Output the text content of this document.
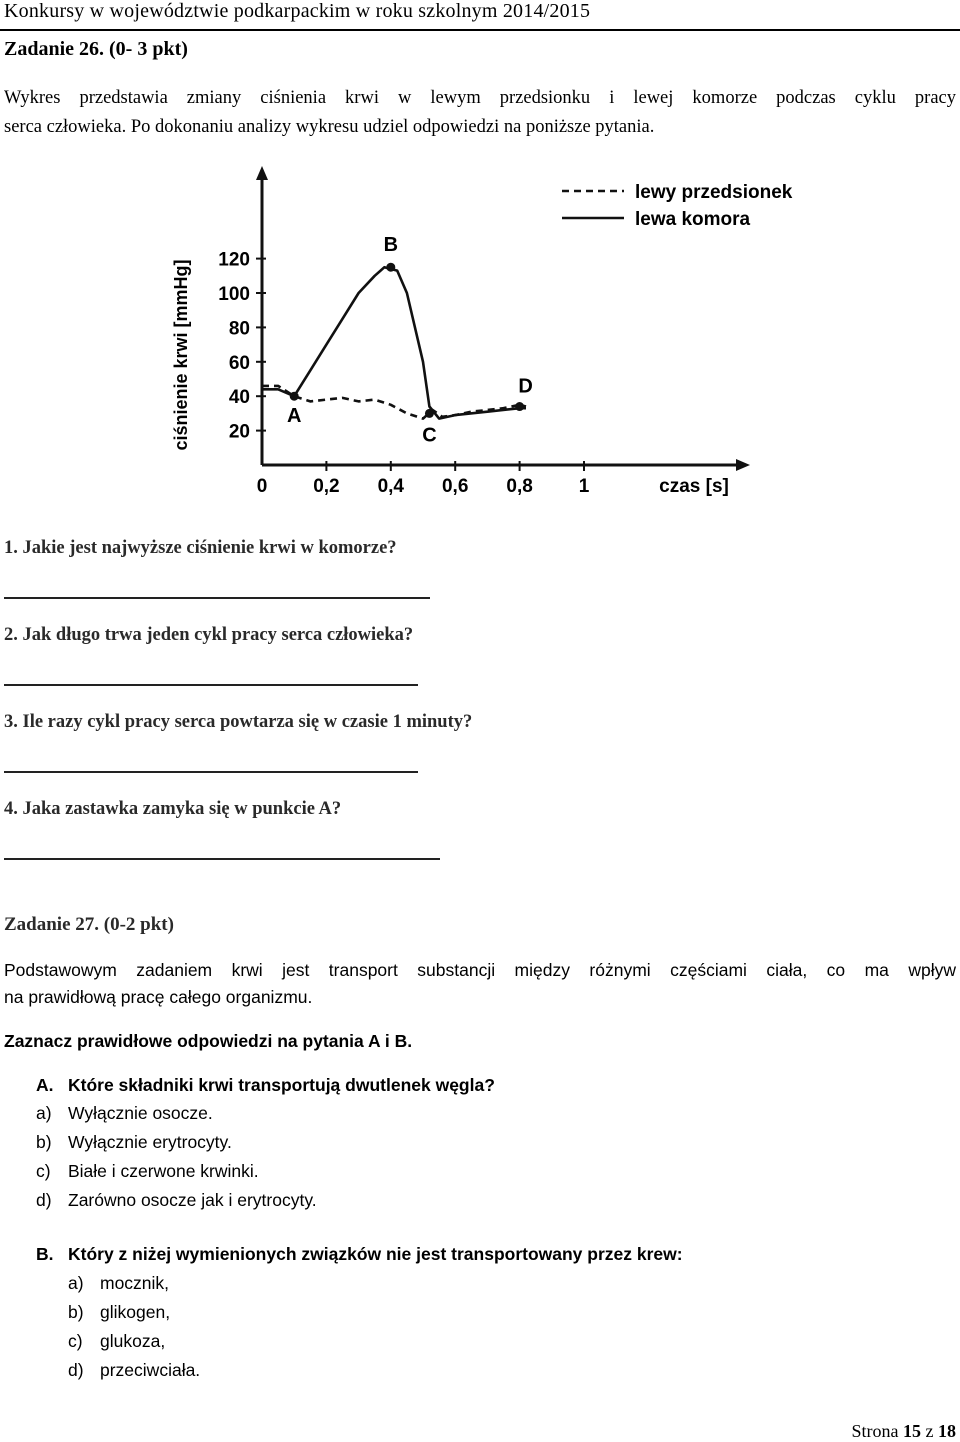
Konkursy w województwie podkarpackim w roku szkolnym 2014/2015
Zadanie 26. (0- 3 pkt)
Wykres przedstawia zmiany ciśnienia krwi w lewym przedsionku i lewej komorze podczas cyklu pracy
serca człowieka. Po dokonaniu analizy wykresu udziel odpowiedzi na poniższe pytania.
20
40
60
80
100
120
0 0,2 0,4 0,6 0,8 1
A
B
C
D
lewy przedsionek
lewa komora
ciśnienie krwi [mmHg]
czas [s]
1. Jakie jest najwyższe ciśnienie krwi w komorze?
2. Jak długo trwa jeden cykl pracy serca człowieka?
3. Ile razy cykl pracy serca powtarza się w czasie 1 minuty?
4. Jaka zastawka zamyka się w punkcie A?
Zadanie 27. (0-2 pkt)
Podstawowym zadaniem krwi jest transport substancji między różnymi częściami ciała, co ma wpływ
na prawidłową pracę całego organizmu.
Zaznacz prawidłowe odpowiedzi na pytania A i B.
A. Które składniki krwi transportują dwutlenek węgla?
a) Wyłącznie osocze.
b) Wyłącznie erytrocyty.
c) Białe i czerwone krwinki.
d) Zarówno osocze jak i erytrocyty.
B. Który z niżej wymienionych związków nie jest transportowany przez krew:
a) mocznik,
b) glikogen,
c) glukoza,
d) przeciwciała.
Strona 15 z 18
